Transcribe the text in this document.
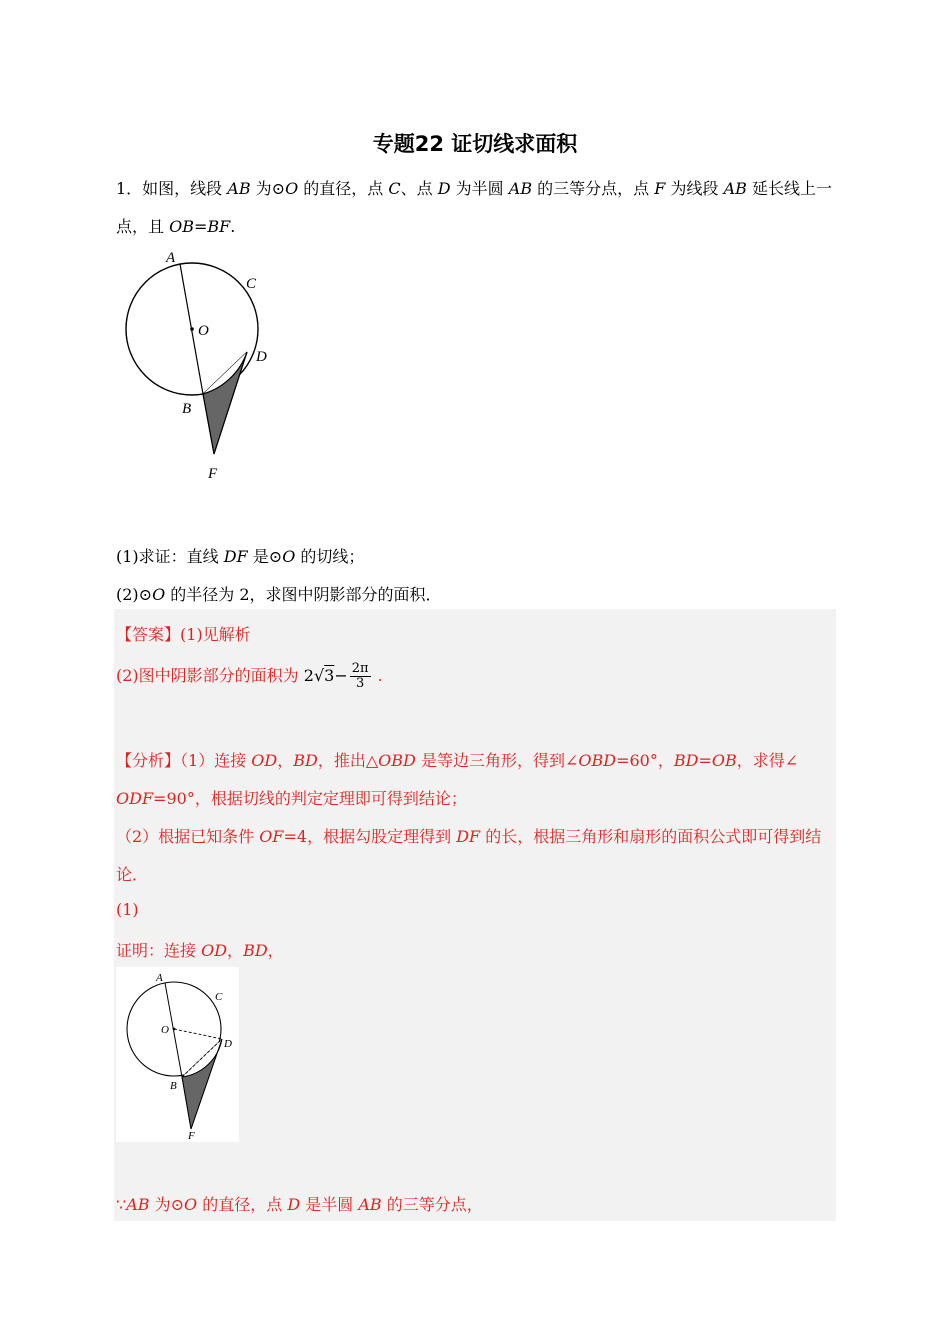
专题22 证切线求面积
1．如图，线段 AB 为⊙O 的直径，点 C、点 D 为半圆 AB 的三等分点，点 F 为线段 AB 延长线上一
点，且 OB=BF.
A
C
O
D
B
F
(1)求证：直线 DF 是⊙O 的切线；
(2)⊙O 的半径为 2，求图中阴影部分的面积．
【答案】(1)见解析
(2)图中阴影部分的面积为 $2√3- \frac{2\pi}{3}$ .
【分析】（1）连接 OD，BD，推出△OBD 是等边三角形，得到∠OBD=60°，BD=OB，求得∠
ODF=90°，根据切线的判定定理即可得到结论；
（2）根据已知条件 OF=4，根据勾股定理得到 DF 的长，根据三角形和扇形的面积公式即可得到结
论．
(1)
证明：连接 OD，BD，
A
C
O
D
B
F
∵AB 为⊙O 的直径，点 D 是半圆 AB 的三等分点，
